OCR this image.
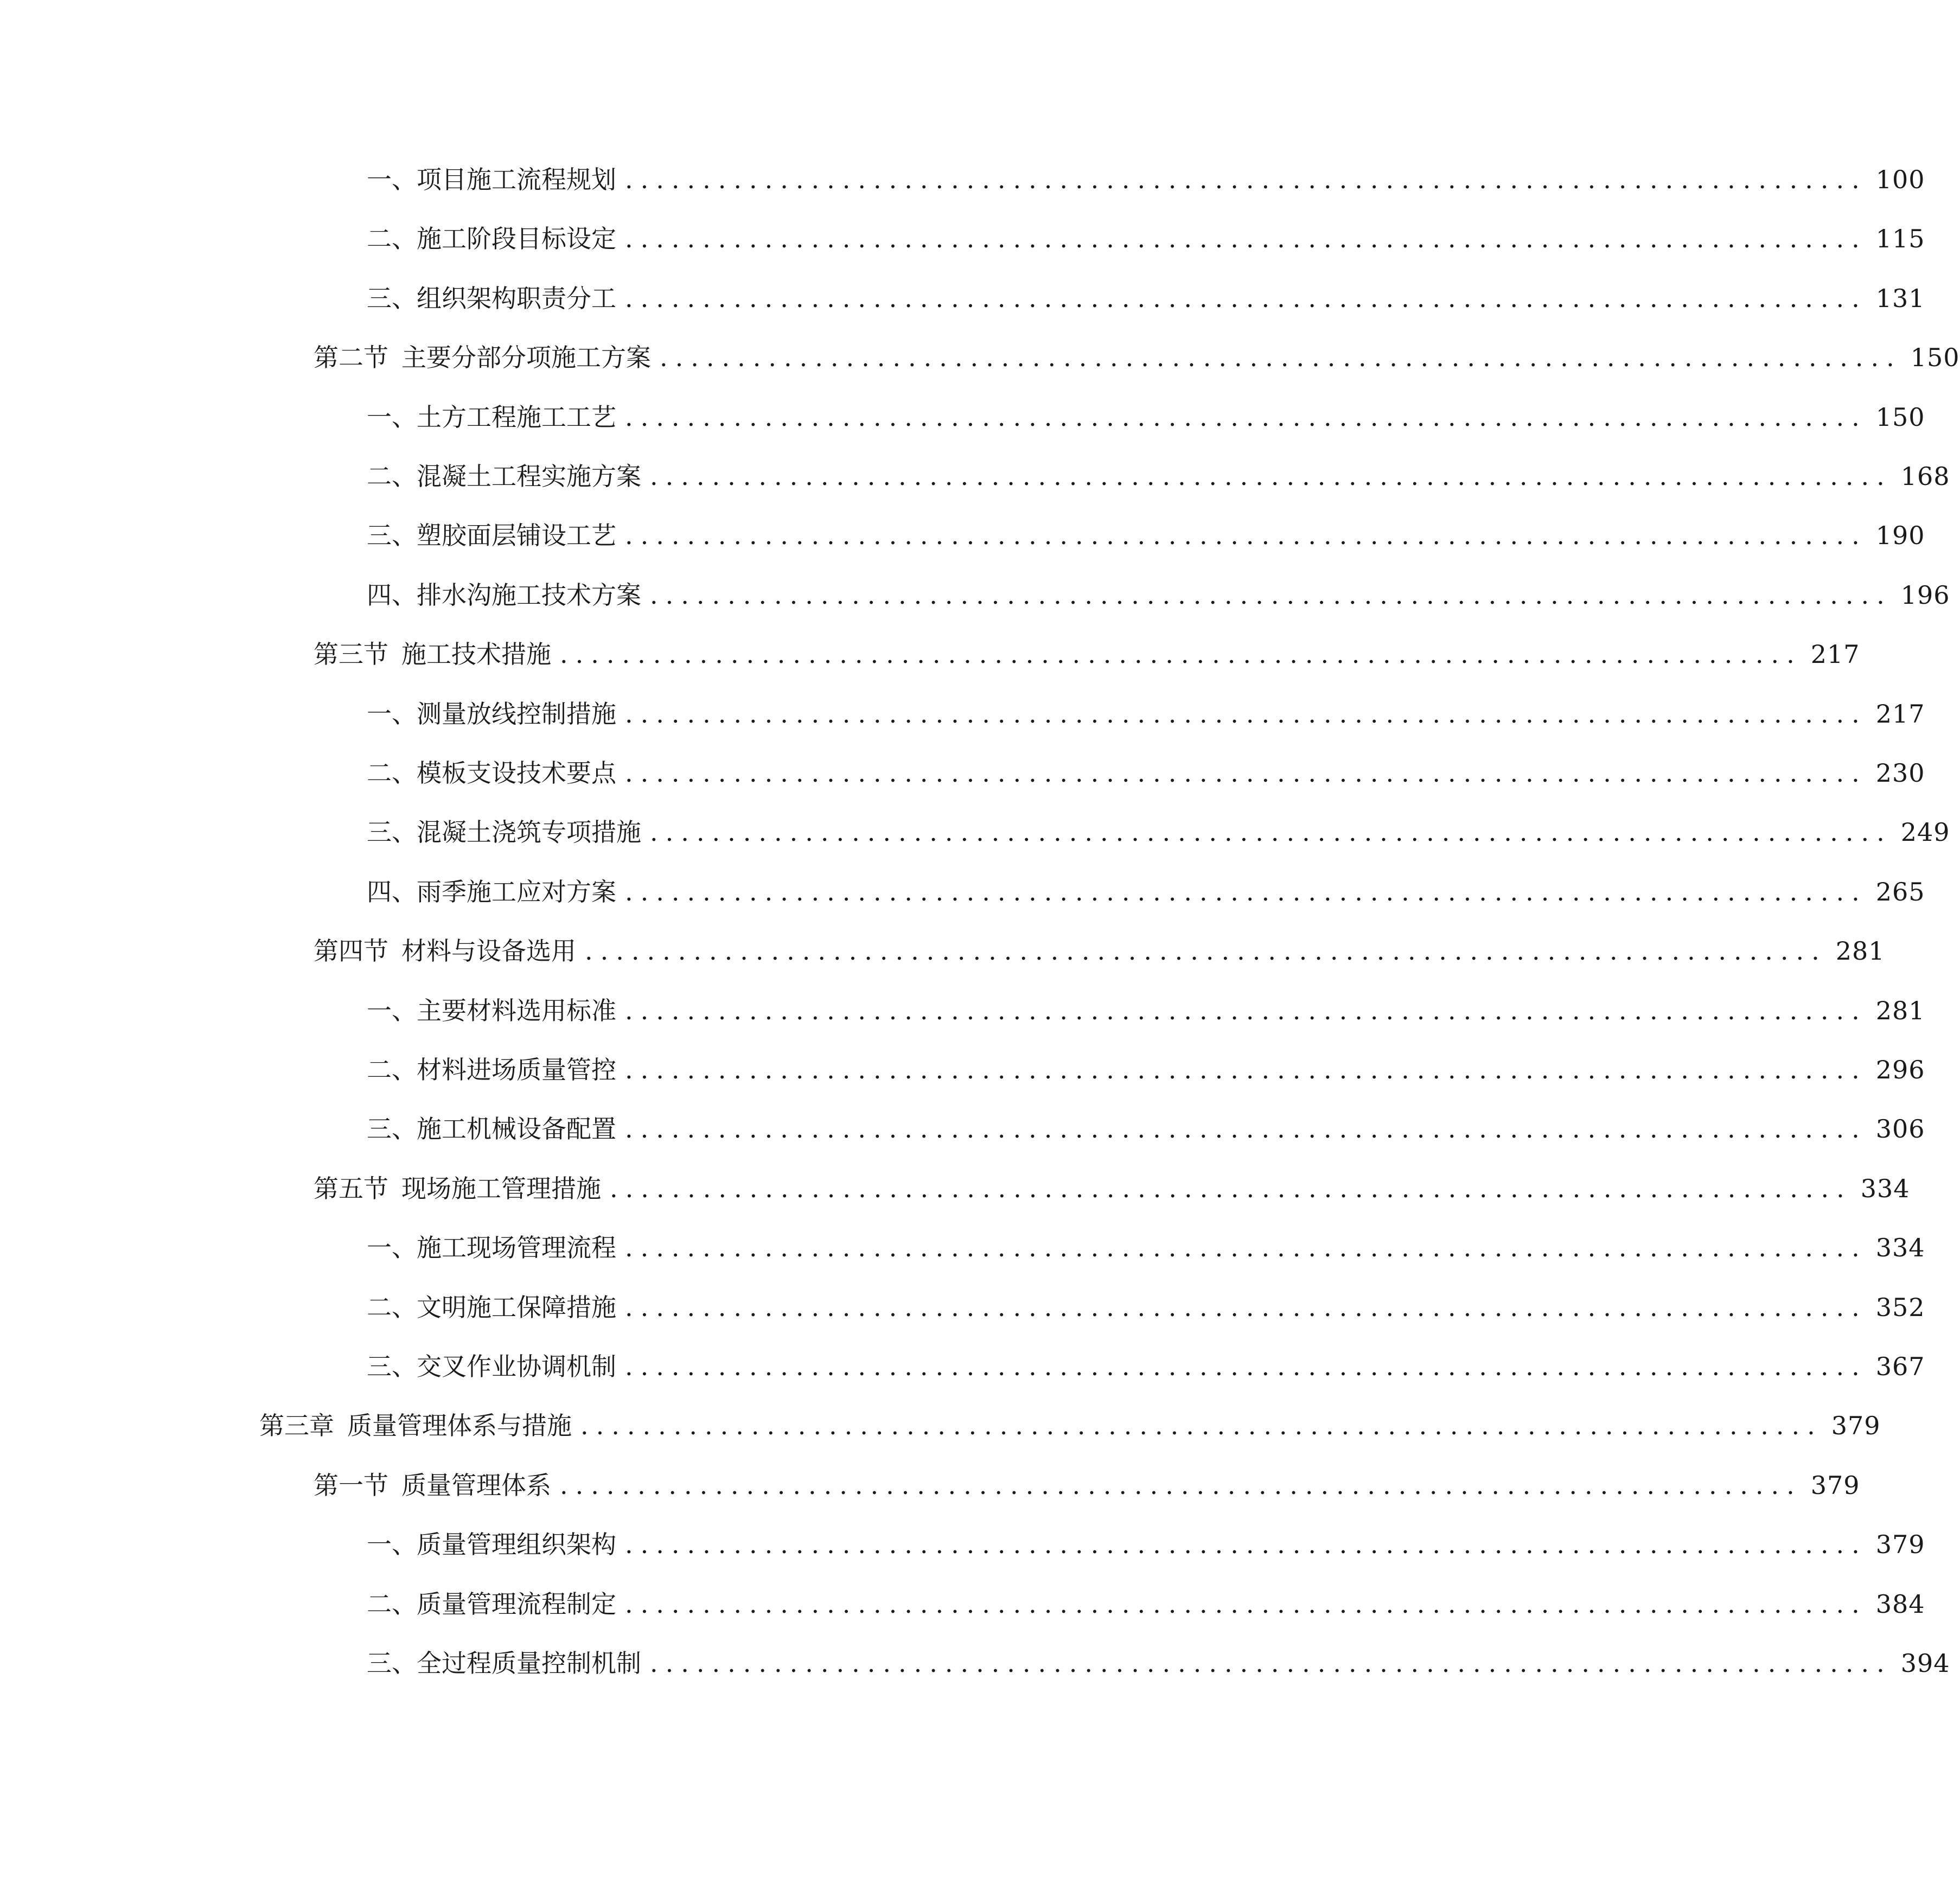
一、 项目施工流程规划 ................................................................................ 100
二、 施工阶段目标设定 ................................................................................ 115
三、 组织架构职责分工 ................................................................................ 131
第二节 主要分部分项施工方案 ................................................................................ 150
一、 土方工程施工工艺 ................................................................................ 150
二、 混凝土工程实施方案 ................................................................................ 168
三、 塑胶面层铺设工艺 ................................................................................ 190
四、 排水沟施工技术方案 ................................................................................ 196
第三节 施工技术措施 ................................................................................ 217
一、 测量放线控制措施 ................................................................................ 217
二、 模板支设技术要点 ................................................................................ 230
三、 混凝土浇筑专项措施 ................................................................................ 249
四、 雨季施工应对方案 ................................................................................ 265
第四节 材料与设备选用 ................................................................................ 281
一、 主要材料选用标准 ................................................................................ 281
二、 材料进场质量管控 ................................................................................ 296
三、 施工机械设备配置 ................................................................................ 306
第五节 现场施工管理措施 ................................................................................ 334
一、 施工现场管理流程 ................................................................................ 334
二、 文明施工保障措施 ................................................................................ 352
三、 交叉作业协调机制 ................................................................................ 367
第三章 质量管理体系与措施 ................................................................................ 379
第一节 质量管理体系 ................................................................................ 379
一、 质量管理组织架构 ................................................................................ 379
二、 质量管理流程制定 ................................................................................ 384
三、 全过程质量控制机制 ................................................................................ 394
